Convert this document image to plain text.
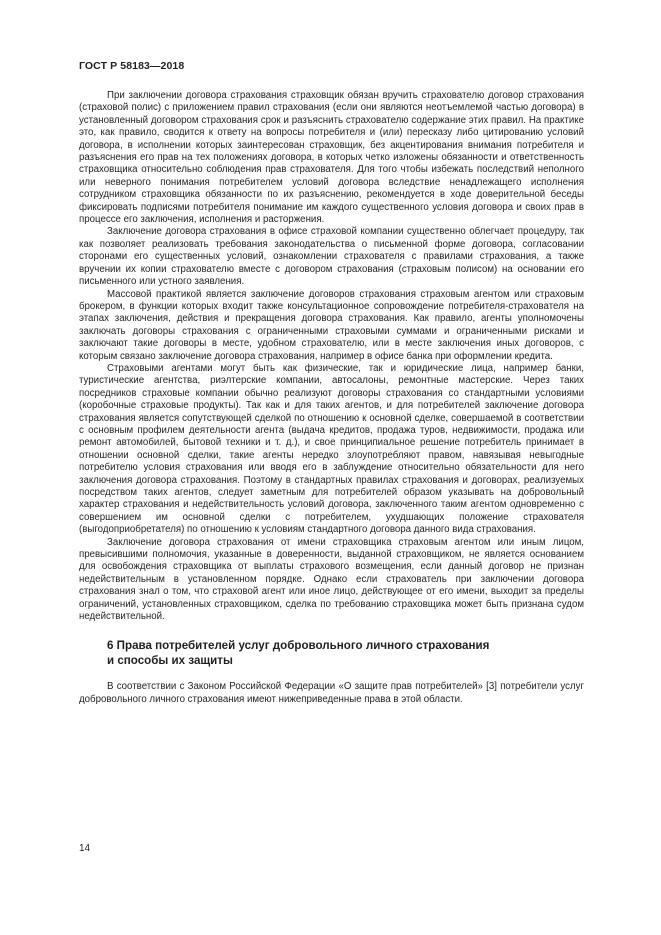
ГОСТ Р 58183—2018

При заключении договора страхования страховщик обязан вручить страхователю договор страхования (страховой полис) с приложением правил страхования (если они являются неотъемлемой частью договора) в установленный договором страхования срок и разъяснить страхователю содержание этих правил. На практике это, как правило, сводится к ответу на вопросы потребителя и (или) пересказу либо цитированию условий договора, в исполнении которых заинтересован страховщик, без акцентирования внимания потребителя и разъяснения его прав на тех положениях договора, в которых четко изложены обязанности и ответственность страховщика относительно соблюдения прав страхователя. Для того чтобы избежать последствий неполного или неверного понимания потребителем условий договора вследствие ненадлежащего исполнения сотрудником страховщика обязанности по их разъяснению, рекомендуется в ходе доверительной беседы фиксировать подписями потребителя понимание им каждого существенного условия договора и своих прав в процессе его заключения, исполнения и расторжения.

Заключение договора страхования в офисе страховой компании существенно облегчает процедуру, так как позволяет реализовать требования законодательства о письменной форме договора, согласовании сторонами его существенных условий, ознакомлении страхователя с правилами страхования, а также вручении их копии страхователю вместе с договором страхования (страховым полисом) на основании его письменного или устного заявления.

Массовой практикой является заключение договоров страхования страховым агентом или страховым брокером, в функции которых входит также консультационное сопровождение потребителя-страхователя на этапах заключения, действия и прекращения договора страхования. Как правило, агенты уполномочены заключать договоры страхования с ограниченными страховыми суммами и ограниченными рисками и заключают такие договоры в месте, удобном страхователю, или в месте заключения иных договоров, с которым связано заключение договора страхования, например в офисе банка при оформлении кредита.

Страховыми агентами могут быть как физические, так и юридические лица, например банки, туристические агентства, риэлтерские компании, автосалоны, ремонтные мастерские. Через таких посредников страховые компании обычно реализуют договоры страхования со стандартными условиями (коробочные страховые продукты). Так как и для таких агентов, и для потребителей заключение договора страхования является сопутствующей сделкой по отношению к основной сделке, совершаемой в соответствии с основным профилем деятельности агента (выдача кредитов, продажа туров, недвижимости, продажа или ремонт автомобилей, бытовой техники и т. д.), и свое принципиальное решение потребитель принимает в отношении основной сделки, такие агенты нередко злоупотребляют правом, навязывая невыгодные потребителю условия страхования или вводя его в заблуждение относительно обязательности для него заключения договора страхования. Поэтому в стандартных правилах страхования и договорах, реализуемых посредством таких агентов, следует заметным для потребителей образом указывать на добровольный характер страхования и недействительность условий договора, заключенного таким агентом одновременно с совершением им основной сделки с потребителем, ухудшающих положение страхователя (выгодоприобретателя) по отношению к условиям стандартного договора данного вида страхования.

Заключение договора страхования от имени страховщика страховым агентом или иным лицом, превысившими полномочия, указанные в доверенности, выданной страховщиком, не является основанием для освобождения страховщика от выплаты страхового возмещения, если данный договор не признан недействительным в установленном порядке. Однако если страхователь при заключении договора страхования знал о том, что страховой агент или иное лицо, действующее от его имени, выходит за пределы ограничений, установленных страховщиком, сделка по требованию страховщика может быть признана судом недействительной.

6 Права потребителей услуг добровольного личного страхования
и способы их защиты

В соответствии с Законом Российской Федерации «О защите прав потребителей» [3] потребители услуг добровольного личного страхования имеют нижеприведенные права в этой области.

14
